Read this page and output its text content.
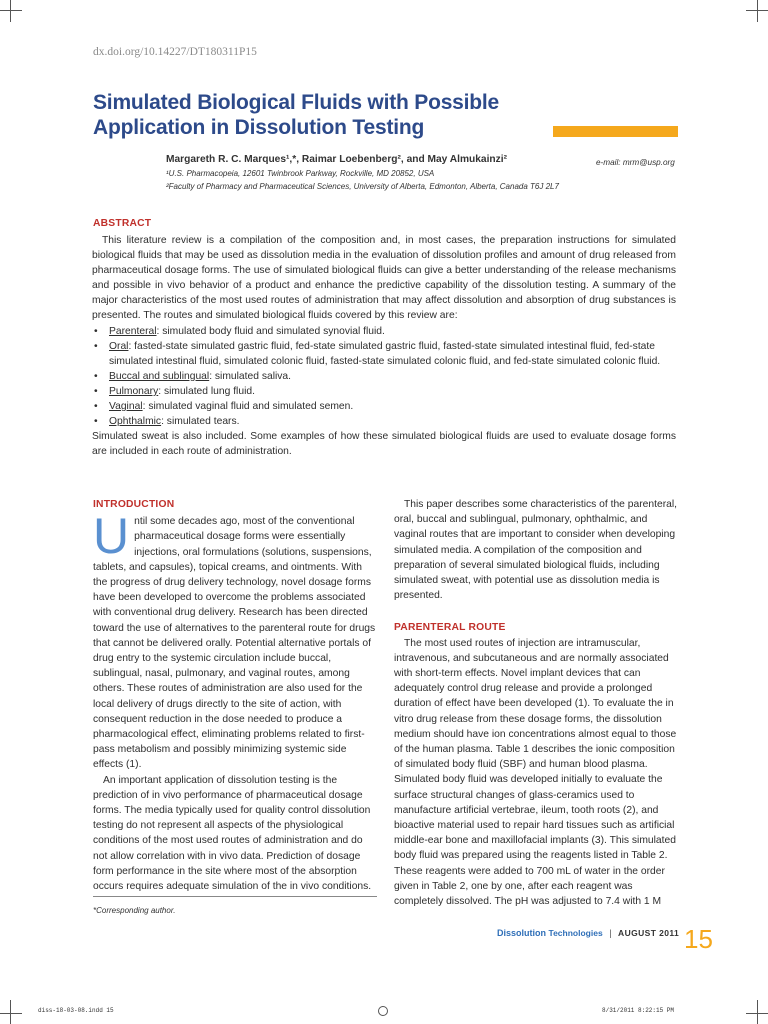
dx.doi.org/10.14227/DT180311P15
Simulated Biological Fluids with Possible
Application in Dissolution Testing
Margareth R. C. Marques¹,*, Raimar Loebenberg², and May Almukainzi²	e-mail: mrm@usp.org
¹U.S. Pharmacopeia, 12601 Twinbrook Parkway, Rockville, MD 20852, USA
²Faculty of Pharmacy and Pharmaceutical Sciences, University of Alberta, Edmonton, Alberta, Canada T6J 2L7
ABSTRACT

This literature review is a compilation of the composition and, in most cases, the preparation instructions for simulated biological fluids that may be used as dissolution media in the evaluation of dissolution profiles and amount of drug released from pharmaceutical dosage forms. The use of simulated biological fluids can give a better understanding of the release mechanisms and possible in vivo behavior of a product and enhance the predictive capability of the dissolution testing. A summary of the major characteristics of the most used routes of administration that may affect dissolution and absorption of drug substances is presented. The routes and simulated biological fluids covered by this review are:

• Parenteral: simulated body fluid and simulated synovial fluid.
• Oral: fasted-state simulated gastric fluid, fed-state simulated gastric fluid, fasted-state simulated intestinal fluid, fed-state simulated intestinal fluid, simulated colonic fluid, fasted-state simulated colonic fluid, and fed-state simulated colonic fluid.
• Buccal and sublingual: simulated saliva.
• Pulmonary: simulated lung fluid.
• Vaginal: simulated vaginal fluid and simulated semen.
• Ophthalmic: simulated tears.

Simulated sweat is also included. Some examples of how these simulated biological fluids are used to evaluate dosage forms are included in each route of administration.

INTRODUCTION
U ntil some decades ago, most of the conventional pharmaceutical dosage forms were essentially injections, oral formulations (solutions, suspensions, tablets, and capsules), topical creams, and ointments. With the progress of drug delivery technology, novel dosage forms have been developed to overcome the problems associated with conventional drug delivery. Research has been directed toward the use of alternatives to the parenteral route for drugs that cannot be delivered orally. Potential alternative portals of drug entry to the systemic circulation include buccal, sublingual, nasal, pulmonary, and vaginal routes, among others. These routes of administration are also used for the local delivery of drugs directly to the site of action, with consequent reduction in the dose needed to produce a pharmacological effect, eliminating problems related to first-pass metabolism and possibly minimizing systemic side effects (1).

An important application of dissolution testing is the prediction of in vivo performance of pharmaceutical dosage forms. The media typically used for quality control dissolution testing do not represent all aspects of the physiological conditions of the most used routes of administration and do not allow correlation with in vivo data. Prediction of dosage form performance in the site where most of the absorption occurs requires adequate simulation of the in vivo conditions.

This paper describes some characteristics of the parenteral, oral, buccal and sublingual, pulmonary, ophthalmic, and vaginal routes that are important to consider when developing simulated media. A compilation of the composition and preparation of several simulated biological fluids, including simulated sweat, with potential use as dissolution media is presented.

PARENTERAL ROUTE

The most used routes of injection are intramuscular, intravenous, and subcutaneous and are normally associated with short-term effects. Novel implant devices that can adequately control drug release and provide a prolonged duration of effect have been developed (1). To evaluate the in vitro drug release from these dosage forms, the dissolution medium should have ion concentrations almost equal to those of the human plasma. Table 1 describes the ionic composition of simulated body fluid (SBF) and human blood plasma. Simulated body fluid was developed initially to evaluate the surface structural changes of glass-ceramics used to manufacture artificial vertebrae, ileum, tooth roots (2), and bioactive material used to repair hard tissues such as artificial middle-ear bone and maxillofacial implants (3). This simulated body fluid was prepared using the reagents listed in Table 2. These reagents were added to 700 mL of water in the order given in Table 2, one by one, after each reagent was completely dissolved. The pH was adjusted to 7.4 with 1 M

*Corresponding author.
Dissolution Technologies | AUGUST 2011 15
diss-18-03-08.indd 15	8/31/2011 8:22:15 PM
